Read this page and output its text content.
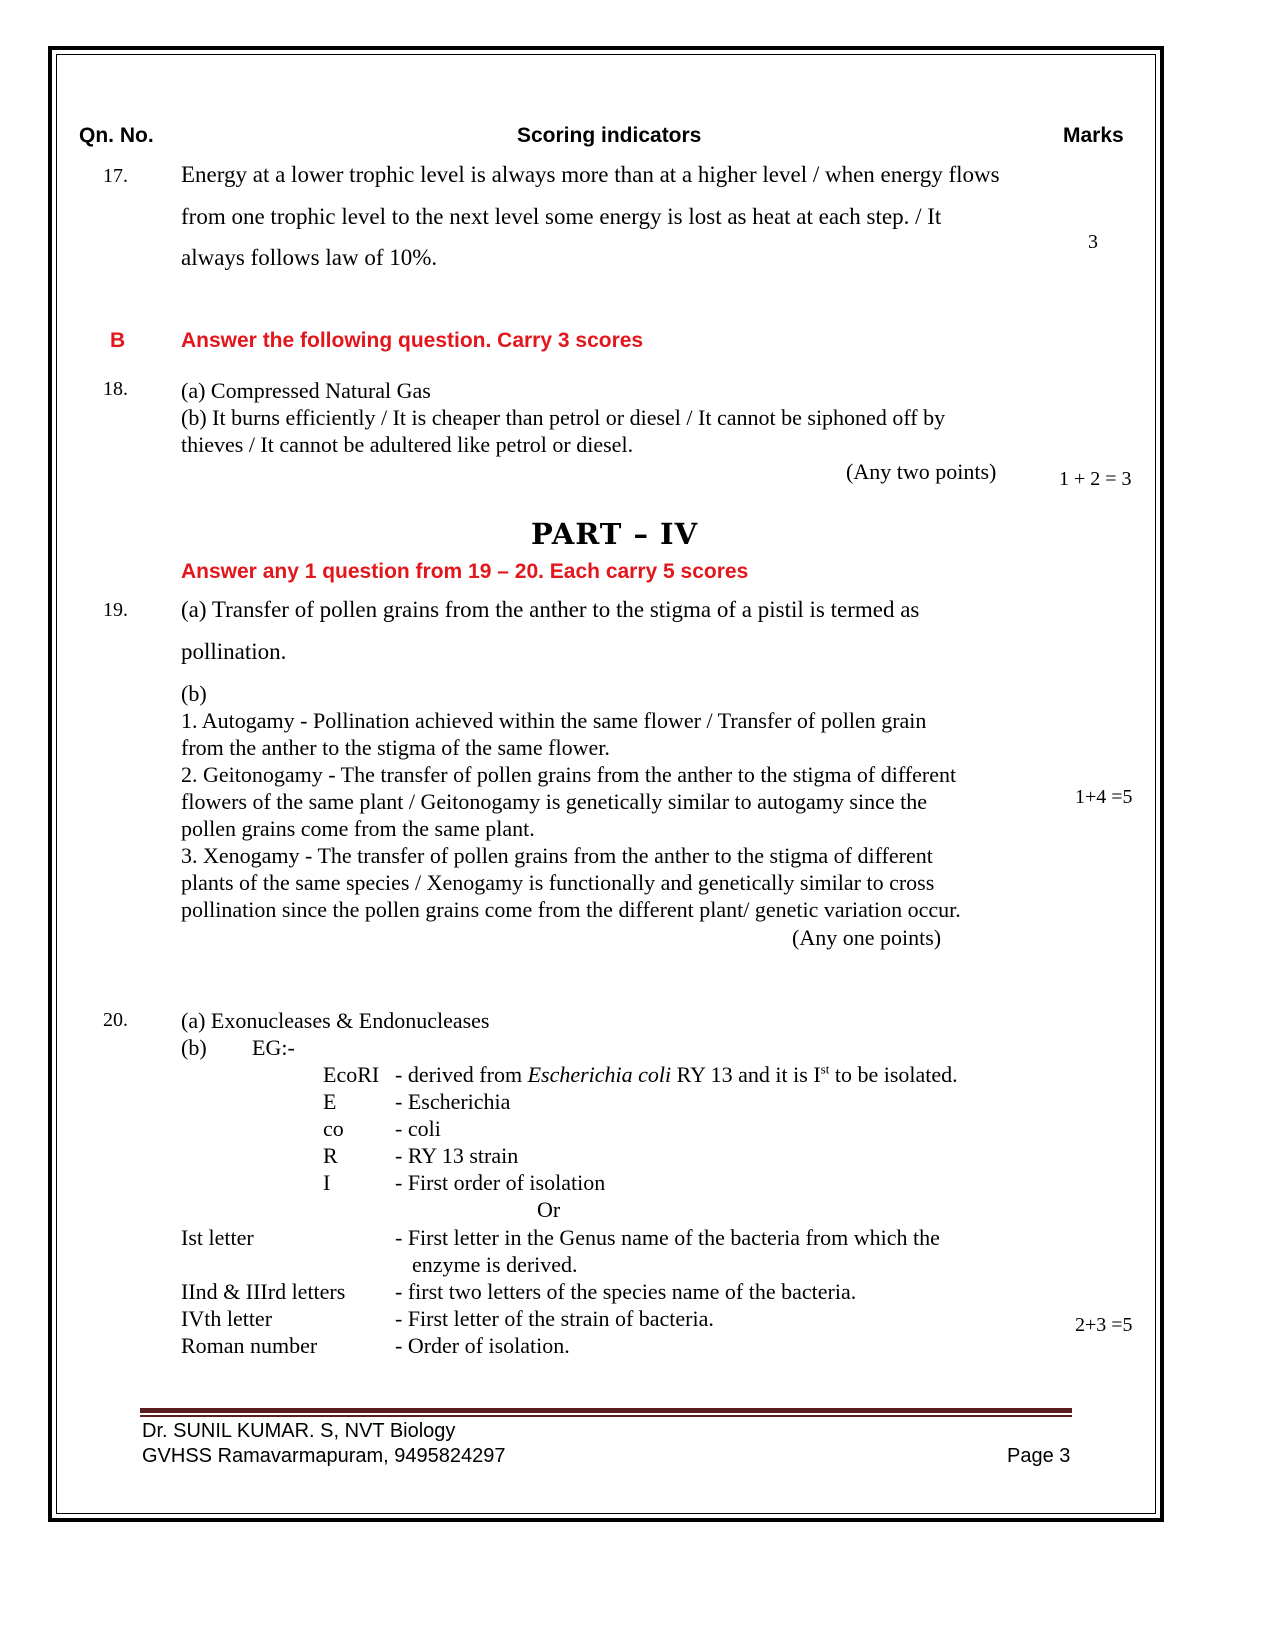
Qn. No.	Scoring indicators	Marks
17. Energy at a lower trophic level is always more than at a higher level / when energy flows
from one trophic level to the next level some energy is lost as heat at each step. / It
always follows law of 10%.
3
B	Answer the following question. Carry 3 scores
18. (a) Compressed Natural Gas
(b) It burns efficiently / It is cheaper than petrol or diesel / It cannot be siphoned off by
thieves / It cannot be adultered like petrol or diesel.
(Any two points)	1 + 2 = 3
PART – IV
Answer any 1 question from 19 – 20. Each carry 5 scores
19. (a) Transfer of pollen grains from the anther to the stigma of a pistil is termed as
pollination.
(b)
1. Autogamy - Pollination achieved within the same flower / Transfer of pollen grain
from the anther to the stigma of the same flower.
2. Geitonogamy - The transfer of pollen grains from the anther to the stigma of different
flowers of the same plant / Geitonogamy is genetically similar to autogamy since the
pollen grains come from the same plant.
3. Xenogamy - The transfer of pollen grains from the anther to the stigma of different
plants of the same species / Xenogamy is functionally and genetically similar to cross
pollination since the pollen grains come from the different plant/ genetic variation occur.
(Any one points)
1+4 =5
20. (a) Exonucleases & Endonucleases
(b) EG:-
EcoRI - derived from Escherichia coli RY 13 and it is Ist to be isolated.
E	- Escherichia
co - coli
R	- RY 13 strain
I	- First order of isolation
Or
Ist letter	- First letter in the Genus name of the bacteria from which the
enzyme is derived.
IInd & IIIrd letters - first two letters of the species name of the bacteria.
IVth letter	- First letter of the strain of bacteria.
Roman number	- Order of isolation.
2+3 =5
Dr. SUNIL KUMAR. S, NVT Biology
GVHSS Ramavarmapuram, 9495824297	Page 3
